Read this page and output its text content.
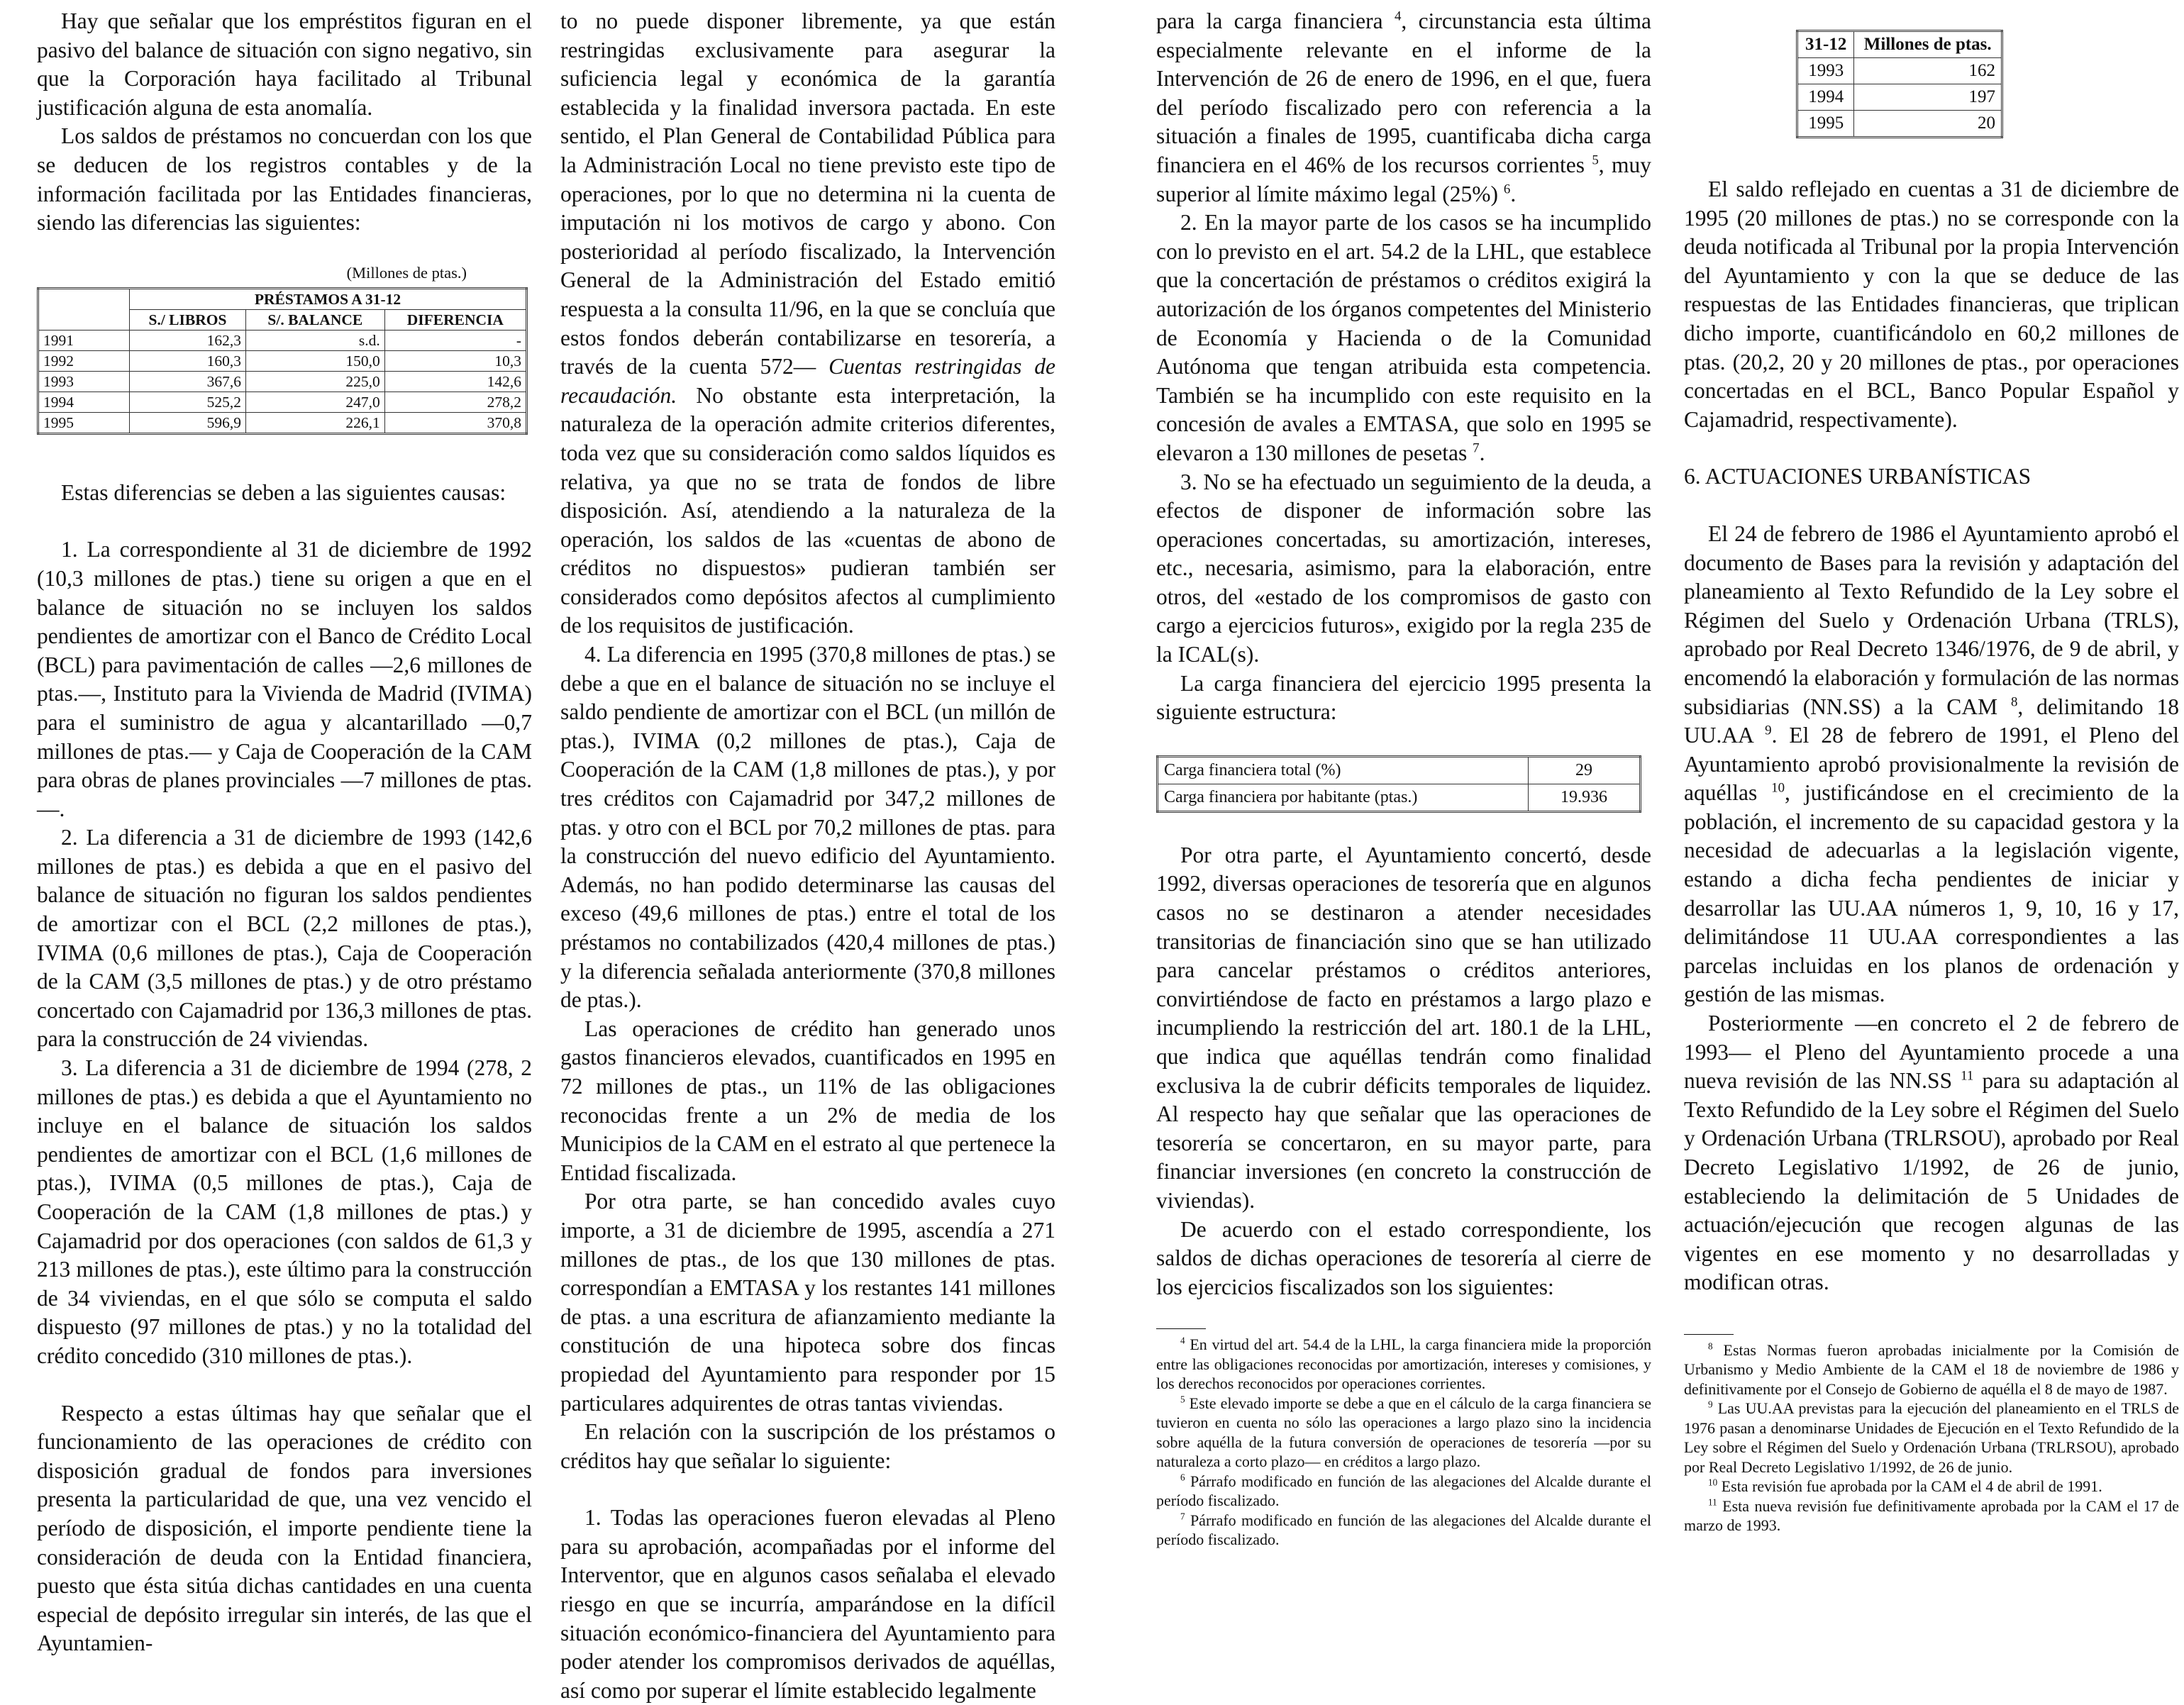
Hay que señalar que los empréstitos figuran en el pasivo del balance de situación con signo negativo, sin que la Corporación haya facilitado al Tribunal justificación alguna de esta anomalía.

Los saldos de préstamos no concuerdan con los que se deducen de los registros contables y de la información facilitada por las Entidades financieras, siendo las diferencias las siguientes:

(Millones de ptas.)
	PRÉSTAMOS A 31-12		
	S./ LIBROS	S/. BALANCE	DIFERENCIA
1991	162,3	s.d.	-
1992	160,3	150,0	10,3
1993	367,6	225,0	142,6
1994	525,2	247,0	278,2
1995	596,9	226,1	370,8

Estas diferencias se deben a las siguientes causas:

1. La correspondiente al 31 de diciembre de 1992 (10,3 millones de ptas.) tiene su origen a que en el balance de situación no se incluyen los saldos pendientes de amortizar con el Banco de Crédito Local (BCL) para pavimentación de calles —2,6 millones de ptas.—, Instituto para la Vivienda de Madrid (IVIMA) para el suministro de agua y alcantarillado —0,7 millones de ptas.— y Caja de Cooperación de la CAM para obras de planes provinciales —7 millones de ptas.—.

2. La diferencia a 31 de diciembre de 1993 (142,6 millones de ptas.) es debida a que en el pasivo del balance de situación no figuran los saldos pendientes de amortizar con el BCL (2,2 millones de ptas.), IVIMA (0,6 millones de ptas.), Caja de Cooperación de la CAM (3,5 millones de ptas.) y de otro préstamo concertado con Cajamadrid por 136,3 millones de ptas. para la construcción de 24 viviendas.

3. La diferencia a 31 de diciembre de 1994 (278, 2 millones de ptas.) es debida a que el Ayuntamiento no incluye en el balance de situación los saldos pendientes de amortizar con el BCL (1,6 millones de ptas.), IVIMA (0,5 millones de ptas.), Caja de Cooperación de la CAM (1,8 millones de ptas.) y Cajamadrid por dos operaciones (con saldos de 61,3 y 213 millones de ptas.), este último para la construcción de 34 viviendas, en el que sólo se computa el saldo dispuesto (97 millones de ptas.) y no la totalidad del crédito concedido (310 millones de ptas.).

Respecto a estas últimas hay que señalar que el funcionamiento de las operaciones de crédito con disposición gradual de fondos para inversiones presenta la particularidad de que, una vez vencido el período de disposición, el importe pendiente tiene la consideración de deuda con la Entidad financiera, puesto que ésta sitúa dichas cantidades en una cuenta especial de depósito irregular sin interés, de las que el Ayuntamien-

to no puede disponer libremente, ya que están restringidas exclusivamente para asegurar la suficiencia legal y económica de la garantía establecida y la finalidad inversora pactada. En este sentido, el Plan General de Contabilidad Pública para la Administración Local no tiene previsto este tipo de operaciones, por lo que no determina ni la cuenta de imputación ni los motivos de cargo y abono. Con posterioridad al período fiscalizado, la Intervención General de la Administración del Estado emitió respuesta a la consulta 11/96, en la que se concluía que estos fondos deberán contabilizarse en tesorería, a través de la cuenta 572— Cuentas restringidas de recaudación. No obstante esta interpretación, la naturaleza de la operación admite criterios diferentes, toda vez que su consideración como saldos líquidos es relativa, ya que no se trata de fondos de libre disposición. Así, atendiendo a la naturaleza de la operación, los saldos de las «cuentas de abono de créditos no dispuestos» pudieran también ser considerados como depósitos afectos al cumplimiento de los requisitos de justificación.

4. La diferencia en 1995 (370,8 millones de ptas.) se debe a que en el balance de situación no se incluye el saldo pendiente de amortizar con el BCL (un millón de ptas.), IVIMA (0,2 millones de ptas.), Caja de Cooperación de la CAM (1,8 millones de ptas.), y por tres créditos con Cajamadrid por 347,2 millones de ptas. y otro con el BCL por 70,2 millones de ptas. para la construcción del nuevo edificio del Ayuntamiento. Además, no han podido determinarse las causas del exceso (49,6 millones de ptas.) entre el total de los préstamos no contabilizados (420,4 millones de ptas.) y la diferencia señalada anteriormente (370,8 millones de ptas.).

Las operaciones de crédito han generado unos gastos financieros elevados, cuantificados en 1995 en 72 millones de ptas., un 11% de las obligaciones reconocidas frente a un 2% de media de los Municipios de la CAM en el estrato al que pertenece la Entidad fiscalizada.

Por otra parte, se han concedido avales cuyo importe, a 31 de diciembre de 1995, ascendía a 271 millones de ptas., de los que 130 millones de ptas. correspondían a EMTASA y los restantes 141 millones de ptas. a una escritura de afianzamiento mediante la constitución de una hipoteca sobre dos fincas propiedad del Ayuntamiento para responder por 15 particulares adquirentes de otras tantas viviendas.

En relación con la suscripción de los préstamos o créditos hay que señalar lo siguiente:

1. Todas las operaciones fueron elevadas al Pleno para su aprobación, acompañadas por el informe del Interventor, que en algunos casos señalaba el elevado riesgo en que se incurría, amparándose en la difícil situación económico-financiera del Ayuntamiento para poder atender los compromisos derivados de aquéllas, así como por superar el límite establecido legalmente

para la carga financiera $^4$, circunstancia esta última especialmente relevante en el informe de la Intervención de 26 de enero de 1996, en el que, fuera del período fiscalizado pero con referencia a la situación a finales de 1995, cuantificaba dicha carga financiera en el 46% de los recursos corrientes $^5$, muy superior al límite máximo legal (25%) $^6$.

2. En la mayor parte de los casos se ha incumplido con lo previsto en el art. 54.2 de la LHL, que establece que la concertación de préstamos o créditos exigirá la autorización de los órganos competentes del Ministerio de Economía y Hacienda o de la Comunidad Autónoma que tengan atribuida esta competencia. También se ha incumplido con este requisito en la concesión de avales a EMTASA, que solo en 1995 se elevaron a 130 millones de pesetas $^7$.

3. No se ha efectuado un seguimiento de la deuda, a efectos de disponer de información sobre las operaciones concertadas, su amortización, intereses, etc., necesaria, asimismo, para la elaboración, entre otros, del «estado de los compromisos de gasto con cargo a ejercicios futuros», exigido por la regla 235 de la ICAL(s).

La carga financiera del ejercicio 1995 presenta la siguiente estructura:

Carga financiera total (%)	29
Carga financiera por habitante (ptas.)	19.936

Por otra parte, el Ayuntamiento concertó, desde 1992, diversas operaciones de tesorería que en algunos casos no se destinaron a atender necesidades transitorias de financiación sino que se han utilizado para cancelar préstamos o créditos anteriores, convirtiéndose de facto en préstamos a largo plazo e incumpliendo la restricción del art. 180.1 de la LHL, que indica que aquéllas tendrán como finalidad exclusiva la de cubrir déficits temporales de liquidez. Al respecto hay que señalar que las operaciones de tesorería se concertaron, en su mayor parte, para financiar inversiones (en concreto la construcción de viviendas).

De acuerdo con el estado correspondiente, los saldos de dichas operaciones de tesorería al cierre de los ejercicios fiscalizados son los siguientes:

$^4$ En virtud del art. 54.4 de la LHL, la carga financiera mide la proporción entre las obligaciones reconocidas por amortización, intereses y comisiones, y los derechos reconocidos por operaciones corrientes.

$^5$ Este elevado importe se debe a que en el cálculo de la carga financiera se tuvieron en cuenta no sólo las operaciones a largo plazo sino la incidencia sobre aquélla de la futura conversión de operaciones de tesorería —por su naturaleza a corto plazo— en créditos a largo plazo.

$^6$ Párrafo modificado en función de las alegaciones del Alcalde durante el período fiscalizado.

$^7$ Párrafo modificado en función de las alegaciones del Alcalde durante el período fiscalizado.

31-12	Millones de ptas.
1993	162
1994	197
1995	20

El saldo reflejado en cuentas a 31 de diciembre de 1995 (20 millones de ptas.) no se corresponde con la deuda notificada al Tribunal por la propia Intervención del Ayuntamiento y con la que se deduce de las respuestas de las Entidades financieras, que triplican dicho importe, cuantificándolo en 60,2 millones de ptas. (20,2, 20 y 20 millones de ptas., por operaciones concertadas en el BCL, Banco Popular Español y Cajamadrid, respectivamente).

6. ACTUACIONES URBANÍSTICAS

El 24 de febrero de 1986 el Ayuntamiento aprobó el documento de Bases para la revisión y adaptación del planeamiento al Texto Refundido de la Ley sobre el Régimen del Suelo y Ordenación Urbana (TRLS), aprobado por Real Decreto 1346/1976, de 9 de abril, y encomendó la elaboración y formulación de las normas subsidiarias (NN.SS) a la CAM $^8$, delimitando 18 UU.AA $^9$. El 28 de febrero de 1991, el Pleno del Ayuntamiento aprobó provisionalmente la revisión de aquéllas $^{10}$, justificándose en el crecimiento de la población, el incremento de su capacidad gestora y la necesidad de adecuarlas a la legislación vigente, estando a dicha fecha pendientes de iniciar y desarrollar las UU.AA números 1, 9, 10, 16 y 17, delimitándose 11 UU.AA correspondientes a las parcelas incluidas en los planos de ordenación y gestión de las mismas.

Posteriormente —en concreto el 2 de febrero de 1993— el Pleno del Ayuntamiento procede a una nueva revisión de las NN.SS $^{11}$ para su adaptación al Texto Refundido de la Ley sobre el Régimen del Suelo y Ordenación Urbana (TRLRSOU), aprobado por Real Decreto Legislativo 1/1992, de 26 de junio, estableciendo la delimitación de 5 Unidades de actuación/ejecución que recogen algunas de las vigentes en ese momento y no desarrolladas y modifican otras.

$^8$ Estas Normas fueron aprobadas inicialmente por la Comisión de Urbanismo y Medio Ambiente de la CAM el 18 de noviembre de 1986 y definitivamente por el Consejo de Gobierno de aquélla el 8 de mayo de 1987.

$^9$ Las UU.AA previstas para la ejecución del planeamiento en el TRLS de 1976 pasan a denominarse Unidades de Ejecución en el Texto Refundido de la Ley sobre el Régimen del Suelo y Ordenación Urbana (TRLRSOU), aprobado por Real Decreto Legislativo 1/1992, de 26 de junio.

$^{10}$ Esta revisión fue aprobada por la CAM el 4 de abril de 1991.

$^{11}$ Esta nueva revisión fue definitivamente aprobada por la CAM el 17 de marzo de 1993.
